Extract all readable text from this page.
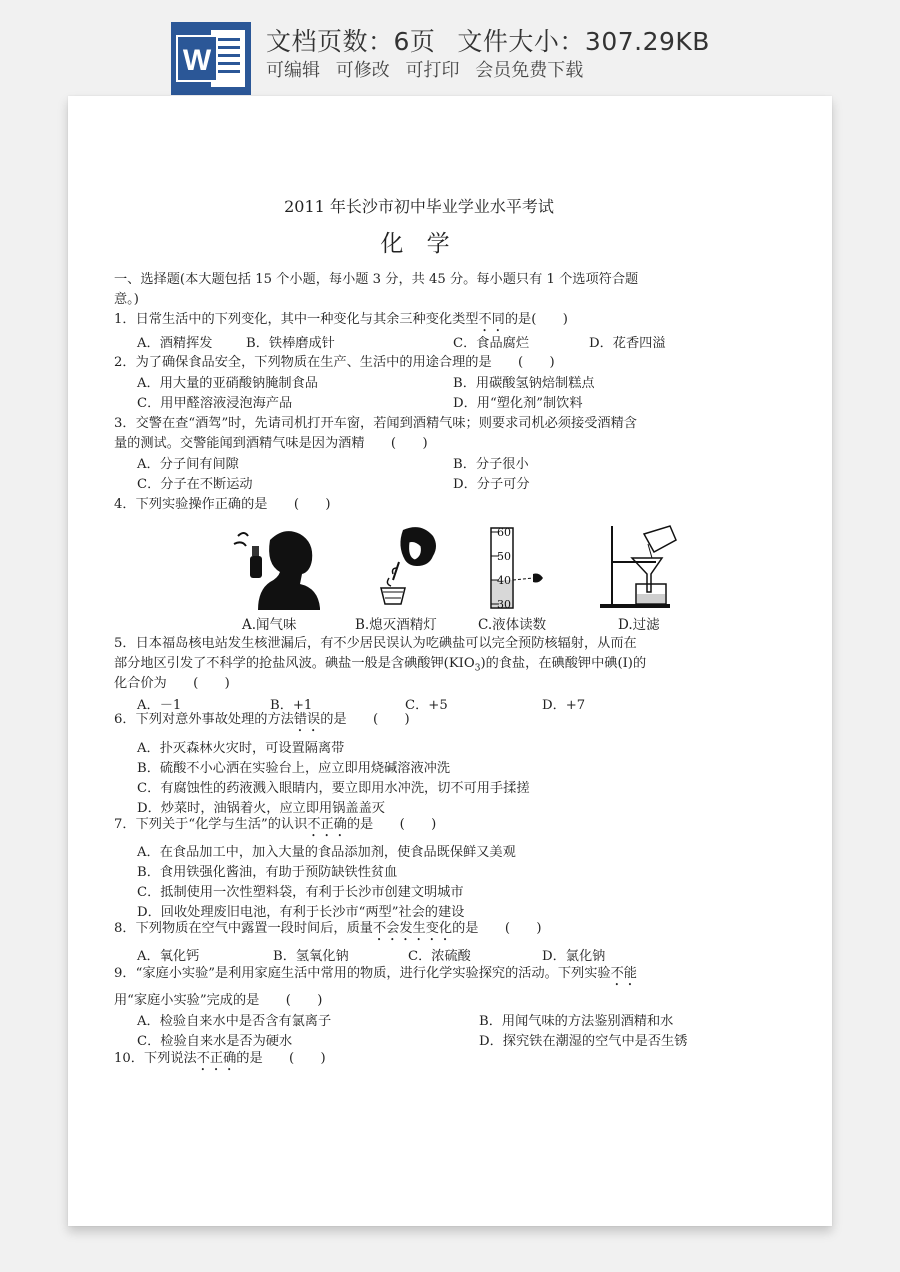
W
文档页数：6页 文件大小：307.29KB
可编辑 可修改 可打印 会员免费下载
2011 年长沙市初中毕业学业水平考试
化 学
一、选择题(本大题包括 15 个小题，每小题 3 分，共 45 分。每小题只有 1 个选项符合题
意。)
1．日常生活中的下列变化，其中一种变化与其余三种变化类型不同的是(　　)
A．酒精挥发	B．铁棒磨成针	C．食品腐烂	D．花香四溢
2．为了确保食品安全，下列物质在生产、生活中的用途合理的是　　(　　)
A．用大量的亚硝酸钠腌制食品	B．用碳酸氢钠焙制糕点
C．用甲醛溶液浸泡海产品	D．用“塑化剂”制饮料
3．交警在查“酒驾”时，先请司机打开车窗，若闻到酒精气味；则要求司机必须接受酒精含
量的测试。交警能闻到酒精气味是因为酒精　　(　　)
A．分子间有间隙	B．分子很小
C．分子在不断运动	D．分子可分
4．下列实验操作正确的是　　(　　)
5．日本福岛核电站发生核泄漏后，有不少居民误认为吃碘盐可以完全预防核辐射，从而在
部分地区引发了不科学的抢盐风波。碘盐一般是含碘酸钾$(KIO_3)$的食盐，在碘酸钾中碘(I)的
化合价为　　(　　)
A．－1	B．+1	C．+5	D．+7
6．下列对意外事故处理的方法错误的是　　(　　)
A．扑灭森林火灾时，可设置隔离带
B．硫酸不小心洒在实验台上，应立即用烧碱溶液冲洗
C．有腐蚀性的药液溅入眼睛内，要立即用水冲洗，切不可用手揉搓
D．炒菜时，油锅着火，应立即用锅盖盖灭
7．下列关于“化学与生活”的认识不正确的是　　(　　)
A．在食品加工中，加入大量的食品添加剂，使食品既保鲜又美观
B．食用铁强化酱油，有助于预防缺铁性贫血
C．抵制使用一次性塑料袋，有利于长沙市创建文明城市
D．回收处理废旧电池，有利于长沙市“两型”社会的建设
8．下列物质在空气中露置一段时间后，质量不会发生变化的是　　(　　)
A．氧化钙	B．氢氧化钠	C．浓硫酸	D．氯化钠
9．“家庭小实验”是利用家庭生活中常用的物质，进行化学实验探究的活动。下列实验不能
用“家庭小实验”完成的是　　(　　)
A．检验自来水中是否含有氯离子	B．用闻气味的方法鉴别酒精和水
C．检验自来水是否为硬水	D．探究铁在潮湿的空气中是否生锈
10．下列说法不正确的是　　(　　)
A.闻气味	B.熄灭酒精灯
60
50
40
30
C.液体读数	D.过滤
